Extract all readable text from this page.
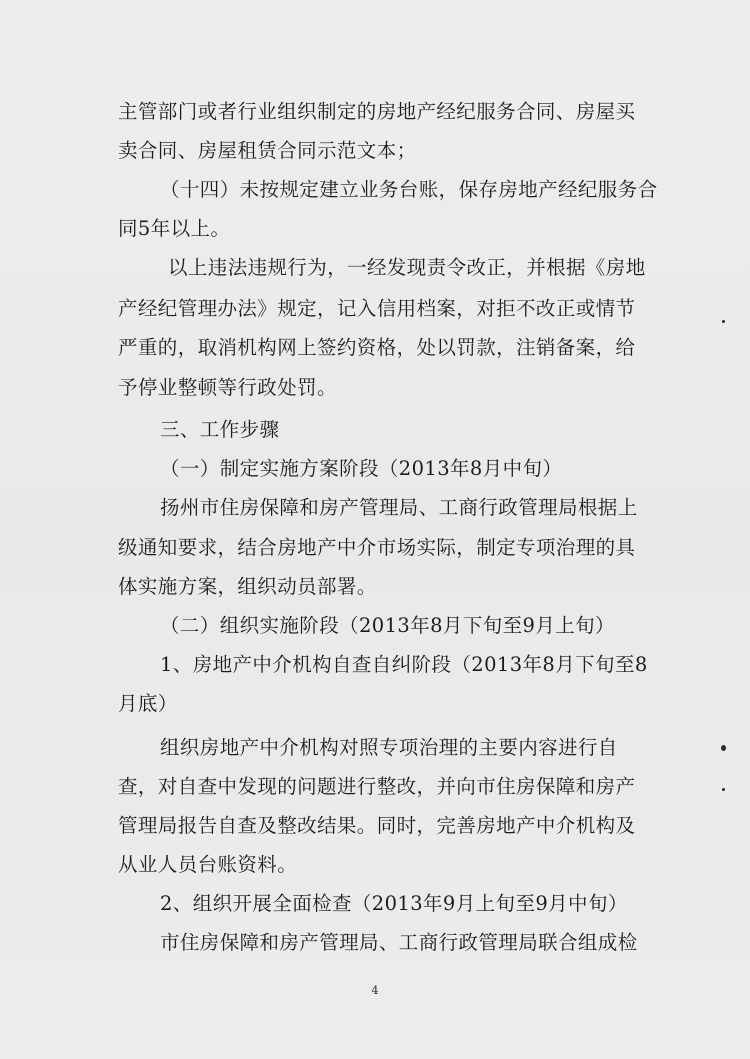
主管部门或者行业组织制定的房地产经纪服务合同、房屋买
卖合同、房屋租赁合同示范文本；
（十四）未按规定建立业务台账，保存房地产经纪服务合
同5年以上。
以上违法违规行为，一经发现责令改正，并根据《房地
产经纪管理办法》规定，记入信用档案，对拒不改正或情节
严重的，取消机构网上签约资格，处以罚款，注销备案，给
予停业整顿等行政处罚。
三、工作步骤
（一）制定实施方案阶段（2013年8月中旬）
扬州市住房保障和房产管理局、工商行政管理局根据上
级通知要求，结合房地产中介市场实际，制定专项治理的具
体实施方案，组织动员部署。
（二）组织实施阶段（2013年8月下旬至9月上旬）
1、房地产中介机构自查自纠阶段（2013年8月下旬至8
月底）
组织房地产中介机构对照专项治理的主要内容进行自
查，对自查中发现的问题进行整改，并向市住房保障和房产
管理局报告自查及整改结果。同时，完善房地产中介机构及
从业人员台账资料。
2、组织开展全面检查（2013年9月上旬至9月中旬）
市住房保障和房产管理局、工商行政管理局联合组成检
4
